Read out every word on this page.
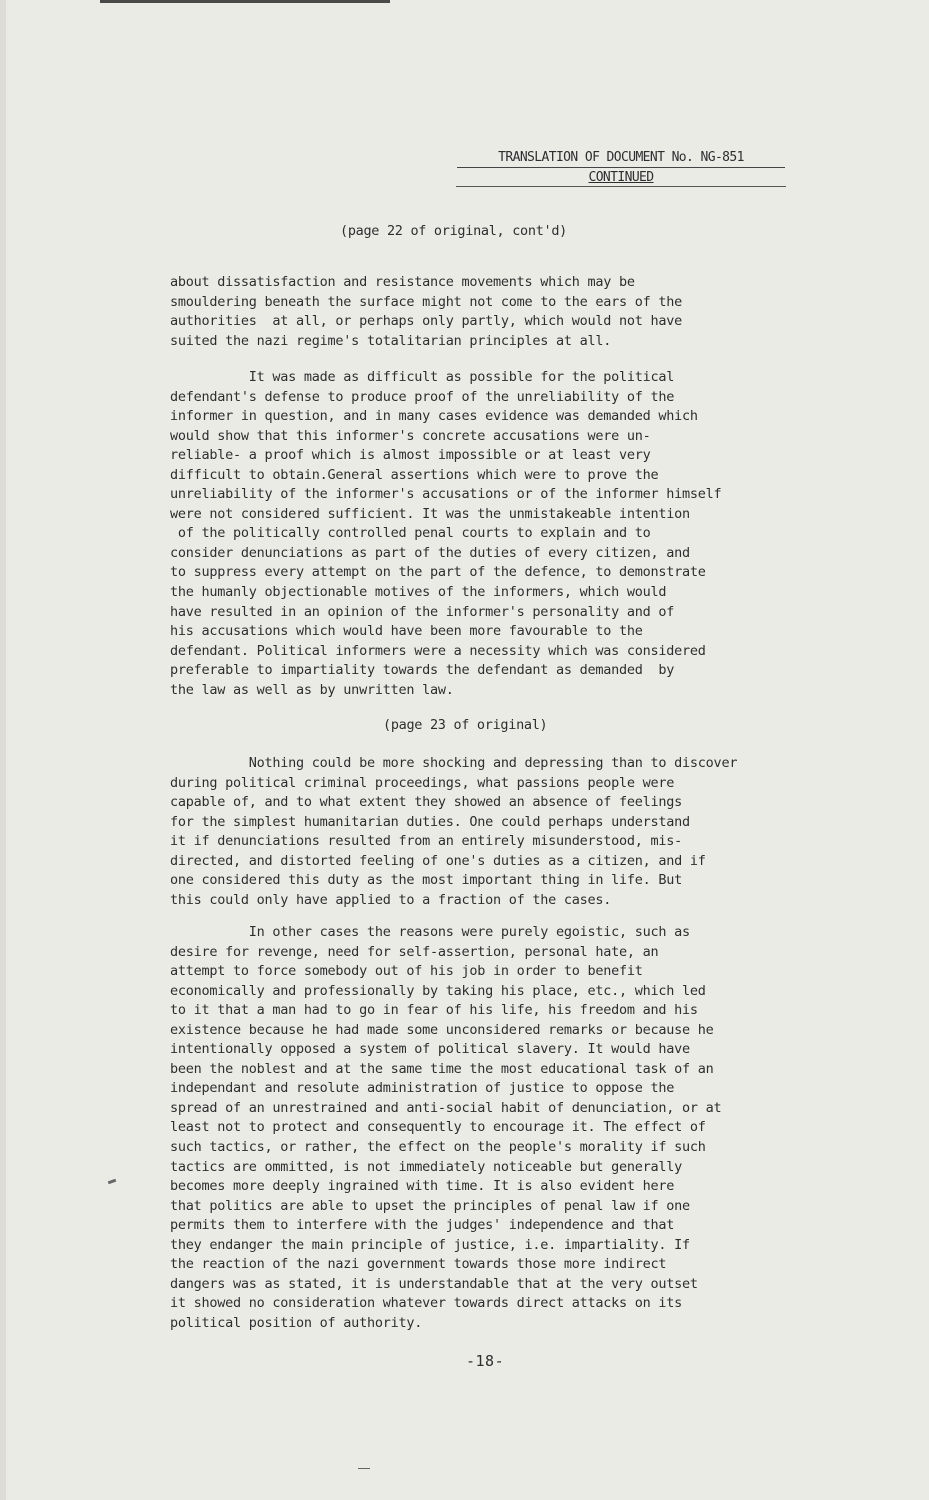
TRANSLATION OF DOCUMENT No. NG-851
CONTINUED
(page 22 of original, cont'd)
about dissatisfaction and resistance movements which may be
smouldering beneath the surface might not come to the ears of the
authorities  at all, or perhaps only partly, which would not have
suited the nazi regime's totalitarian principles at all.
It was made as difficult as possible for the political
defendant's defense to produce proof of the unreliability of the
informer in question, and in many cases evidence was demanded which
would show that this informer's concrete accusations were un-
reliable- a proof which is almost impossible or at least very
difficult to obtain.General assertions which were to prove the
unreliability of the informer's accusations or of the informer himself
were not considered sufficient. It was the unmistakeable intention
of the politically controlled penal courts to explain and to
consider denunciations as part of the duties of every citizen, and
to suppress every attempt on the part of the defence, to demonstrate
the humanly objectionable motives of the informers, which would
have resulted in an opinion of the informer's personality and of
his accusations which would have been more favourable to the
defendant. Political informers were a necessity which was considered
preferable to impartiality towards the defendant as demanded  by
the law as well as by unwritten law.
(page 23 of original)
Nothing could be more shocking and depressing than to discover
during political criminal proceedings, what passions people were
capable of, and to what extent they showed an absence of feelings
for the simplest humanitarian duties. One could perhaps understand
it if denunciations resulted from an entirely misunderstood, mis-
directed, and distorted feeling of one's duties as a citizen, and if
one considered this duty as the most important thing in life. But
this could only have applied to a fraction of the cases.
In other cases the reasons were purely egoistic, such as
desire for revenge, need for self-assertion, personal hate, an
attempt to force somebody out of his job in order to benefit
economically and professionally by taking his place, etc., which led
to it that a man had to go in fear of his life, his freedom and his
existence because he had made some unconsidered remarks or because he
intentionally opposed a system of political slavery. It would have
been the noblest and at the same time the most educational task of an
independant and resolute administration of justice to oppose the
spread of an unrestrained and anti-social habit of denunciation, or at
least not to protect and consequently to encourage it. The effect of
such tactics, or rather, the effect on the people's morality if such
tactics are ommitted, is not immediately noticeable but generally
becomes more deeply ingrained with time. It is also evident here
that politics are able to upset the principles of penal law if one
permits them to interfere with the judges' independence and that
they endanger the main principle of justice, i.e. impartiality. If
the reaction of the nazi government towards those more indirect
dangers was as stated, it is understandable that at the very outset
it showed no consideration whatever towards direct attacks on its
political position of authority.
-18-
